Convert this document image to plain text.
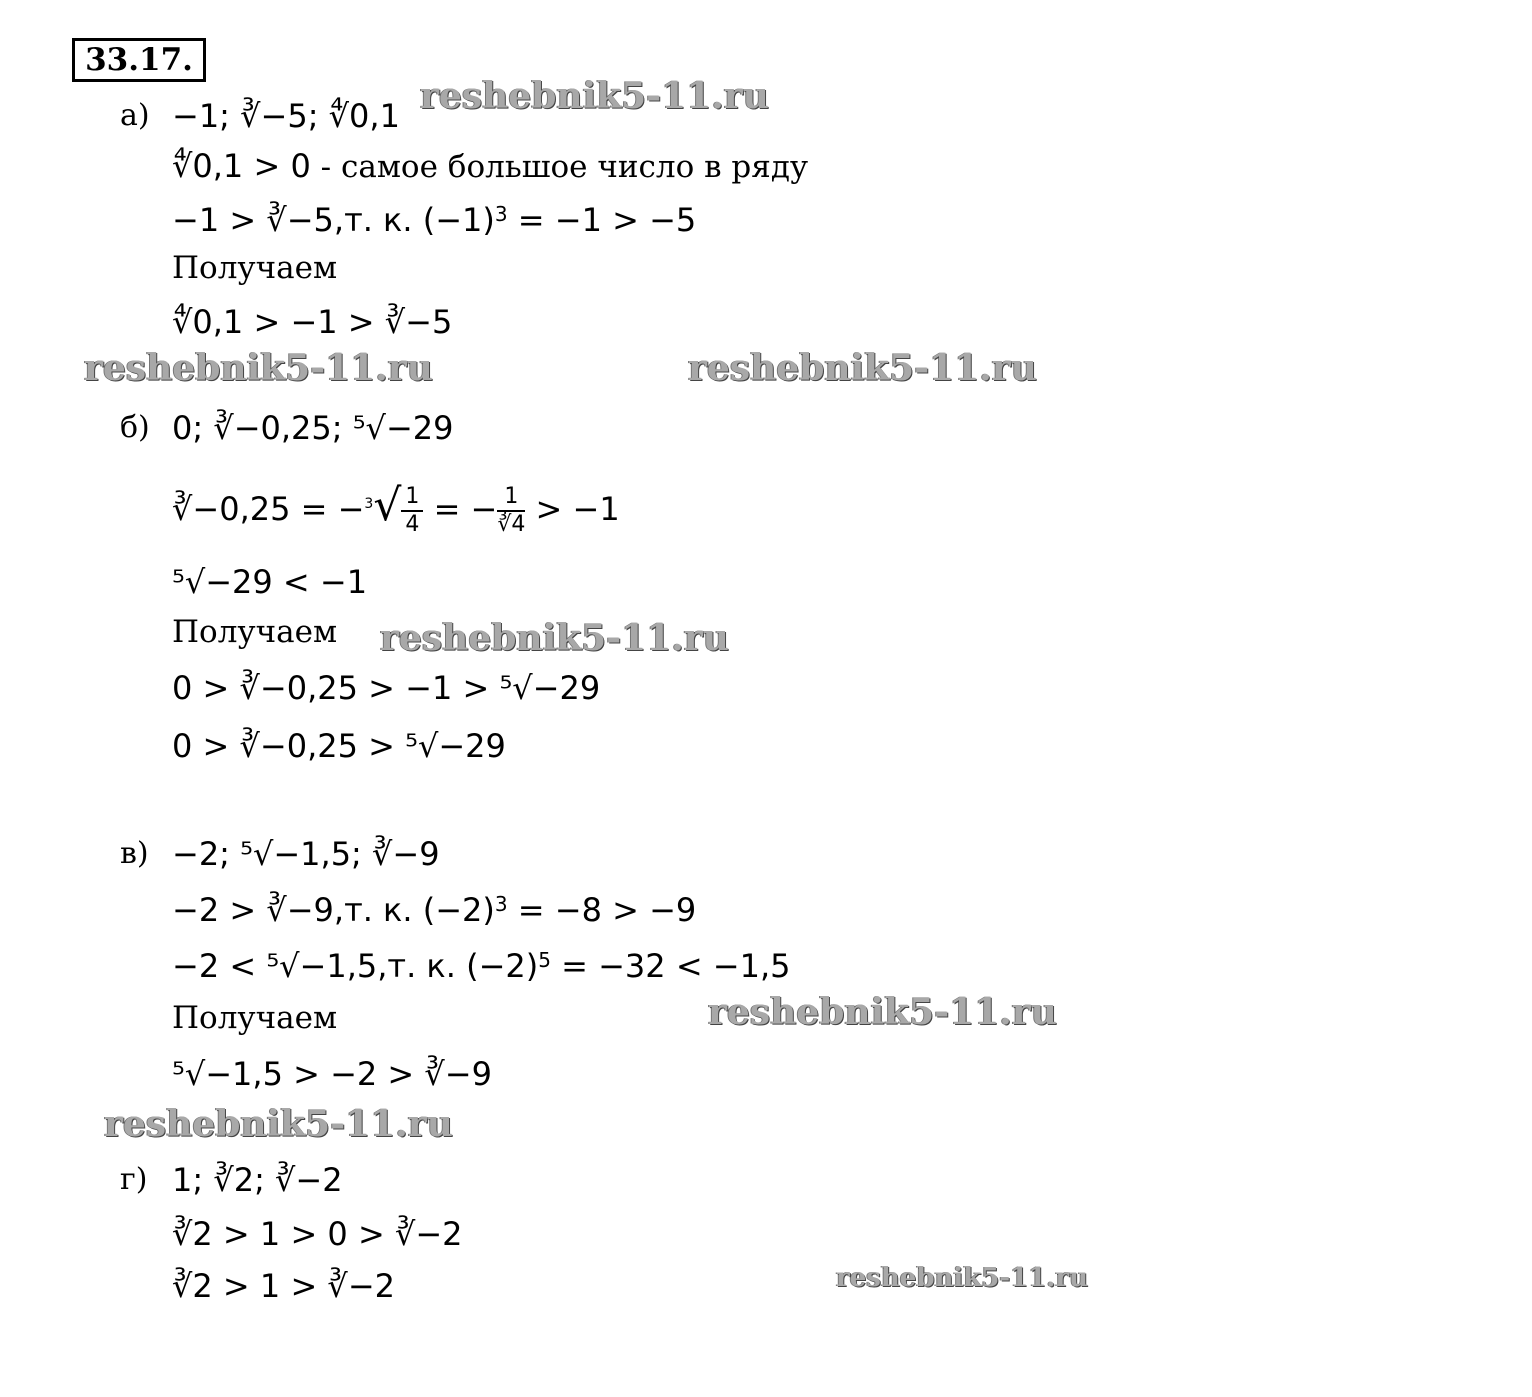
33.17.
а) −1; ∛−5; ∜0,1
∜0,1 > 0 - самое большое число в ряду
−1 > ∛−5,т. к. $(-1)^3 = -1 > -5$
Получаем
∜0,1 > −1 > ∛−5
б) 0; ∛−0,25; ⁵√−29
∛−0,25 = $-^3√ \frac{1}{4}$ = − $\frac{1}{∛4} > -1$
⁵√−29 < −1
Получаем
0 > ∛−0,25 > −1 > ⁵√−29
0 > ∛−0,25 > ⁵√−29
в) −2; ⁵√−1,5; ∛−9
−2 > ∛−9,т. к. $(-2)^3 = -8 > -9$
−2 < ⁵√−1,5,т. к. $(-2)^5 = -32 < -1,5$
Получаем
⁵√−1,5 > −2 > ∛−9
г) 1; ∛2; ∛−2
∛2 > 1 > 0 > ∛−2
∛2 > 1 > ∛−2
reshebnik5-11.ru
reshebnik5-11.ru	reshebnik5-11.ru
reshebnik5-11.ru
reshebnik5-11.ru
reshebnik5-11.ru
reshebnik5-11.ru
